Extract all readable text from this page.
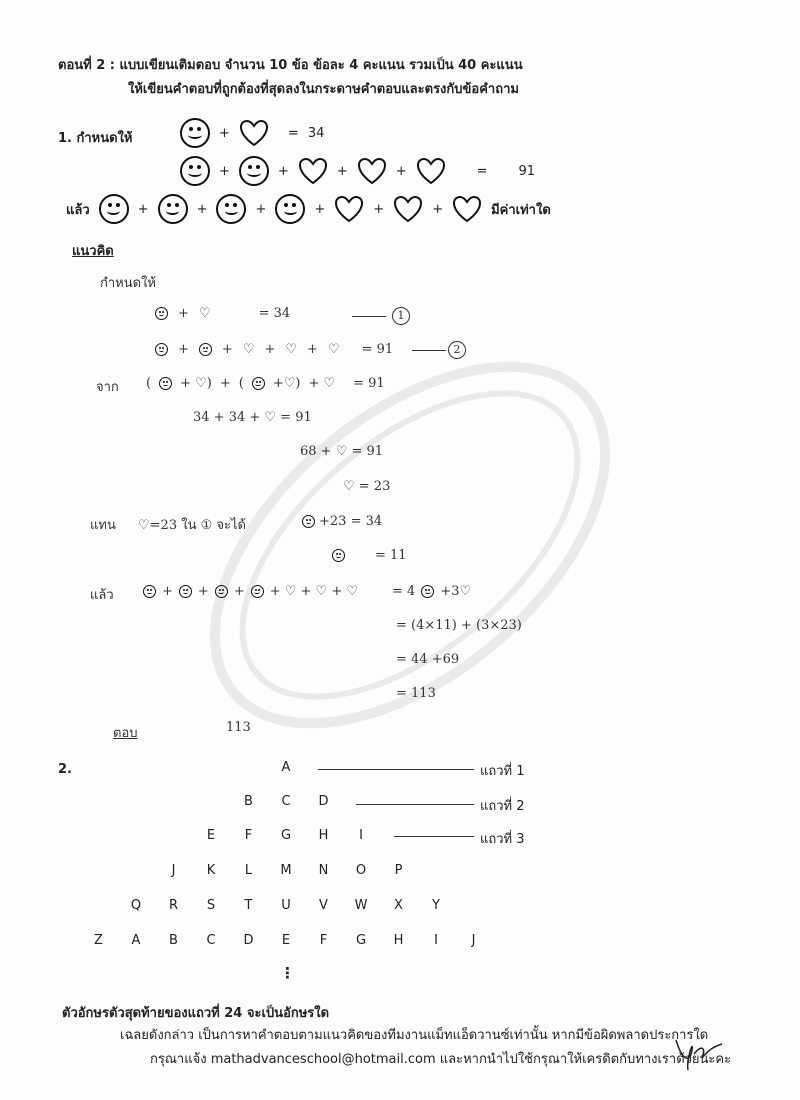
ตอนที่ 2 : แบบเขียนเติมตอบ จำนวน 10 ข้อ ข้อละ 4 คะแนน รวมเป็น 40 คะแนน
ให้เขียนคำตอบที่ถูกต้องที่สุดลงในกระดาษคำตอบและตรงกับข้อคำถาม
1. กำหนดให้	+	= 34
+	+	+	+	= 91
แล้ว	+	+	+	+	+	+	มีค่าเท่าใด
แนวคิด
กำหนดให้
+ ♡	= 34	1
+	+ ♡ + ♡ + ♡ = 91	2
จาก ( + ♡) + ( +♡) + ♡ = 91
34 + 34 + ♡ = 91
68 + ♡ = 91
♡ = 23
แทน ♡=23 ใน ① จะได้	+23 = 34
= 11
แล้ว	+ + + + ♡ + ♡ + ♡	= 4 +3♡
= (4×11) + (3×23)
= 44 +69
= 113
ตอบ	113
2.	A
B C D
E	F	G H	I
J	K	L	M N O	P
Q R S	T	U V W X	Y
Z A B C D E	F	G H	I	J
แถวที่ 1
แถวที่ 2
แถวที่ 3
⋮
ตัวอักษรตัวสุดท้ายของแถวที่ 24 จะเป็นอักษรใด
เฉลยดังกล่าว เป็นการหาคำตอบตามแนวคิดของทีมงานแม็ทแอ็ดวานซ์เท่านั้น หากมีข้อผิดพลาดประการใด
กรุณาแจ้ง mathadvanceschool@hotmail.com และหากนำไปใช้กรุณาให้เครดิตกับทางเราด้วยนะคะ
